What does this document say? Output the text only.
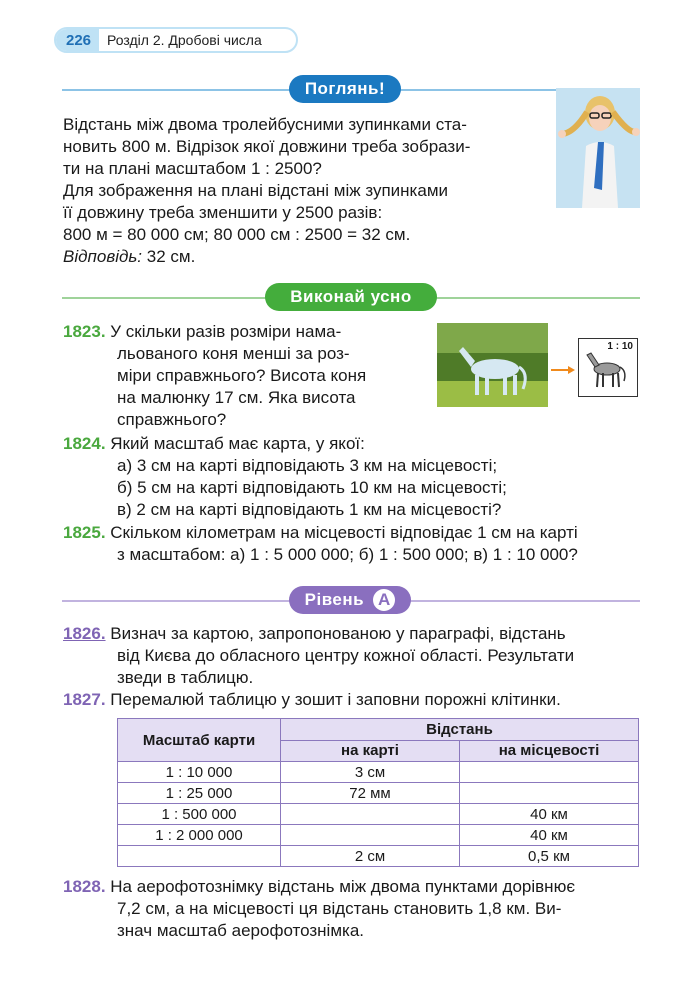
226	Розділ 2. Дробові числа
Поглянь!
Відстань між двома тролейбусними зупинками ста-
новить 800 м. Відрізок якої довжини треба зобрази-
ти на плані масштабом 1 : 2500?
Для зображення на плані відстані між зупинками
її довжину треба зменшити у 2500 разів:
800 м = 80 000 см; 80 000 см : 2500 = 32 см.
Відповідь: 32 см.
Виконай усно
1823. У скільки разів розміри нама-
льованого коня менші за роз-
міри справжнього? Висота коня
на малюнку 17 см. Яка висота
справжнього?
1 : 10
1824. Який масштаб має карта, у якої:
а) 3 см на карті відповідають 3 км на місцевості;
б) 5 см на карті відповідають 10 км на місцевості;
в) 2 см на карті відповідають 1 км на місцевості?
1825. Скільком кілометрам на місцевості відповідає 1 см на карті
з масштабом: а) 1 : 5 000 000; б) 1 : 500 000; в) 1 : 10 000?
Рівень А
1826. Визнач за картою, запропонованою у параграфі, відстань
від Києва до обласного центру кожної області. Результати
зведи в таблицю.
1827. Перемалюй таблицю у зошит і заповни порожні клітинки.
Масштаб карти	Відстань	
	на карті	на місцевості
1 : 10 000	3 см	
1 : 25 000	72 мм	
1 : 500 000		40 км
1 : 2 000 000		40 км
	2 см	0,5 км
1828. На аерофотознімку відстань між двома пунктами дорівнює
7,2 см, а на місцевості ця відстань становить 1,8 км. Ви-
знач масштаб аерофотознімка.
